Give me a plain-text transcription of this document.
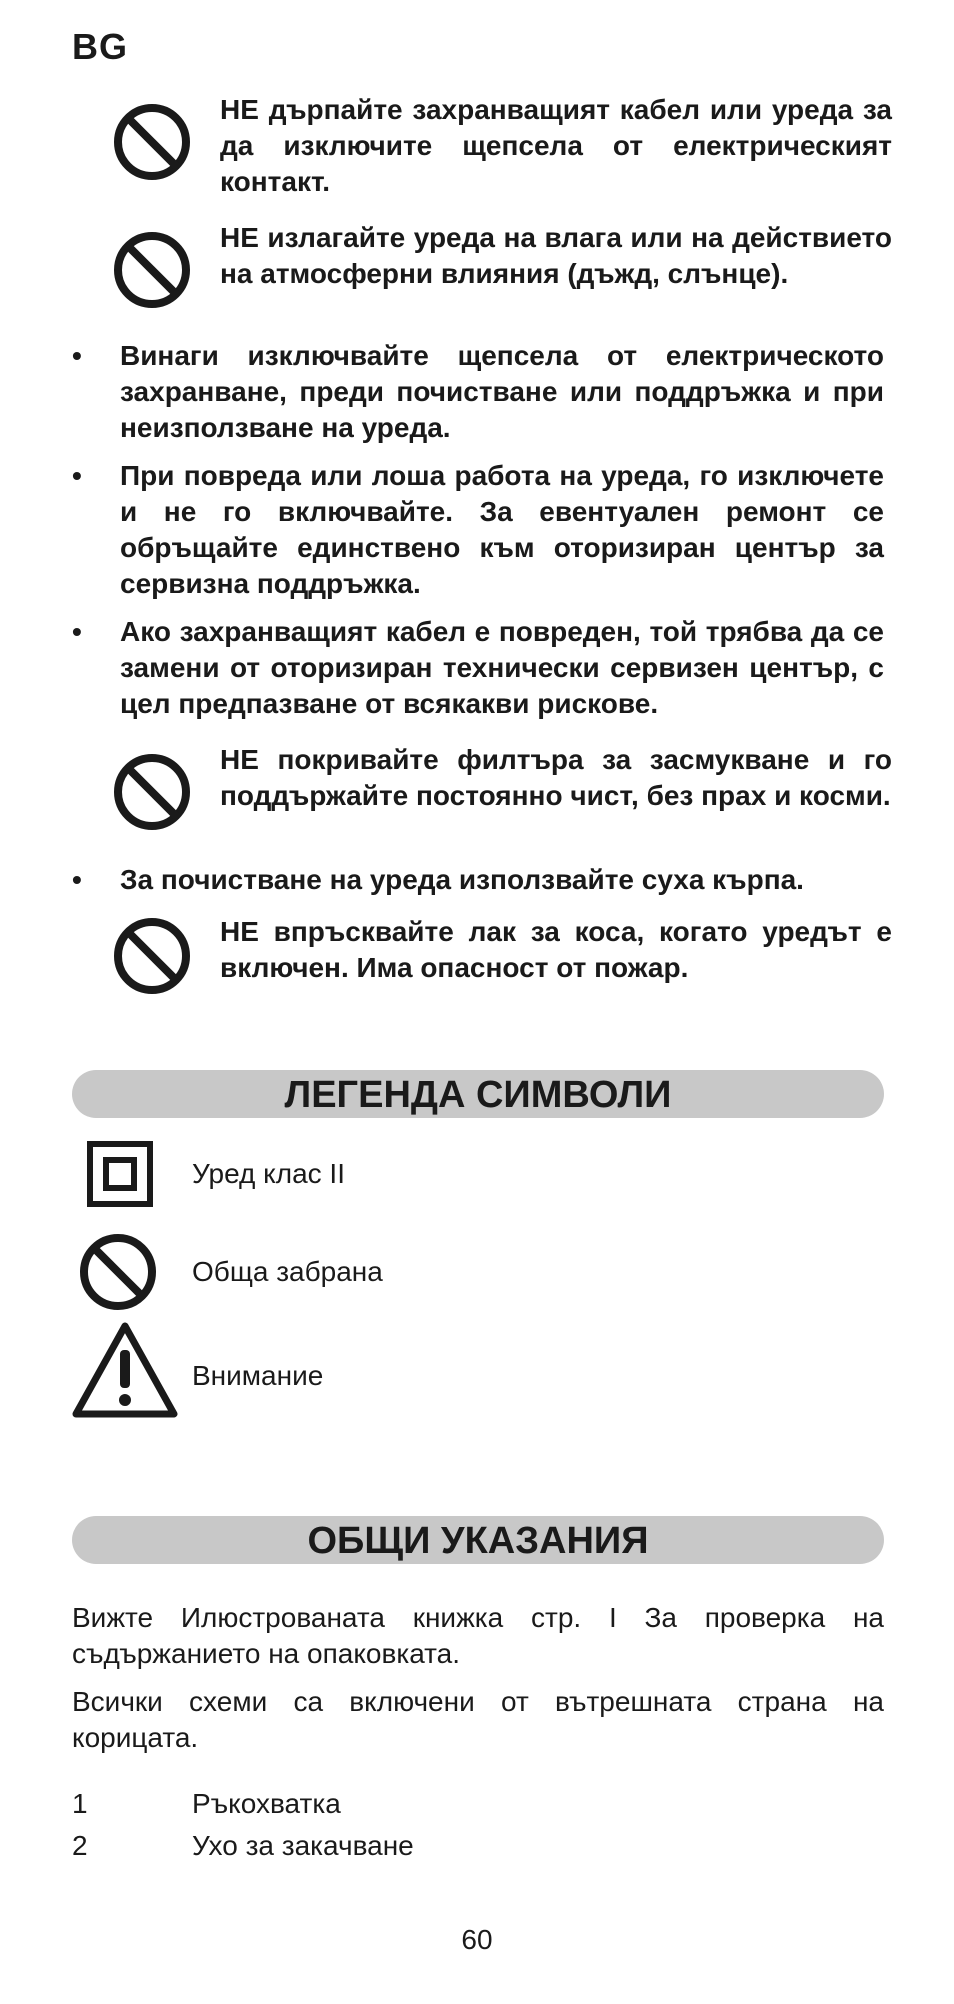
BG
НЕ дърпайте захранващият кабел или уреда за да изключите щепсела от електрическият контакт.
НЕ излагайте уреда на влага или на действието на атмосферни влияния (дъжд, слънце).
• Винаги изключвайте щепсела от електрическото захранване, преди почистване или поддръжка и при неизползване на уреда.
• При повреда или лоша работа на уреда, го изключете и не го включвайте. За евентуален ремонт се обръщайте единствено към оторизиран център за сервизна поддръжка.
• Ако захранващият кабел е повреден, той трябва да се замени от оторизиран технически сервизен център, с цел предпазване от всякакви рискове.
НЕ покривайте филтъра за засмукване и го поддържайте постоянно чист, без прах и косми.
• За почистване на уреда използвайте суха кърпа.
НЕ впръсквайте лак за коса, когато уредът е включен. Има опасност от пожар.
ЛЕГЕНДА СИМВОЛИ
Уред клас II
Обща забрана
Внимание
ОБЩИ УКАЗАНИЯ
Вижте Илюстрованата книжка стр. I За проверка на съдържанието на опаковката.
Всички схеми са включени от вътрешната страна на корицата.
1	Ръкохватка
2	Ухо за закачване
60
